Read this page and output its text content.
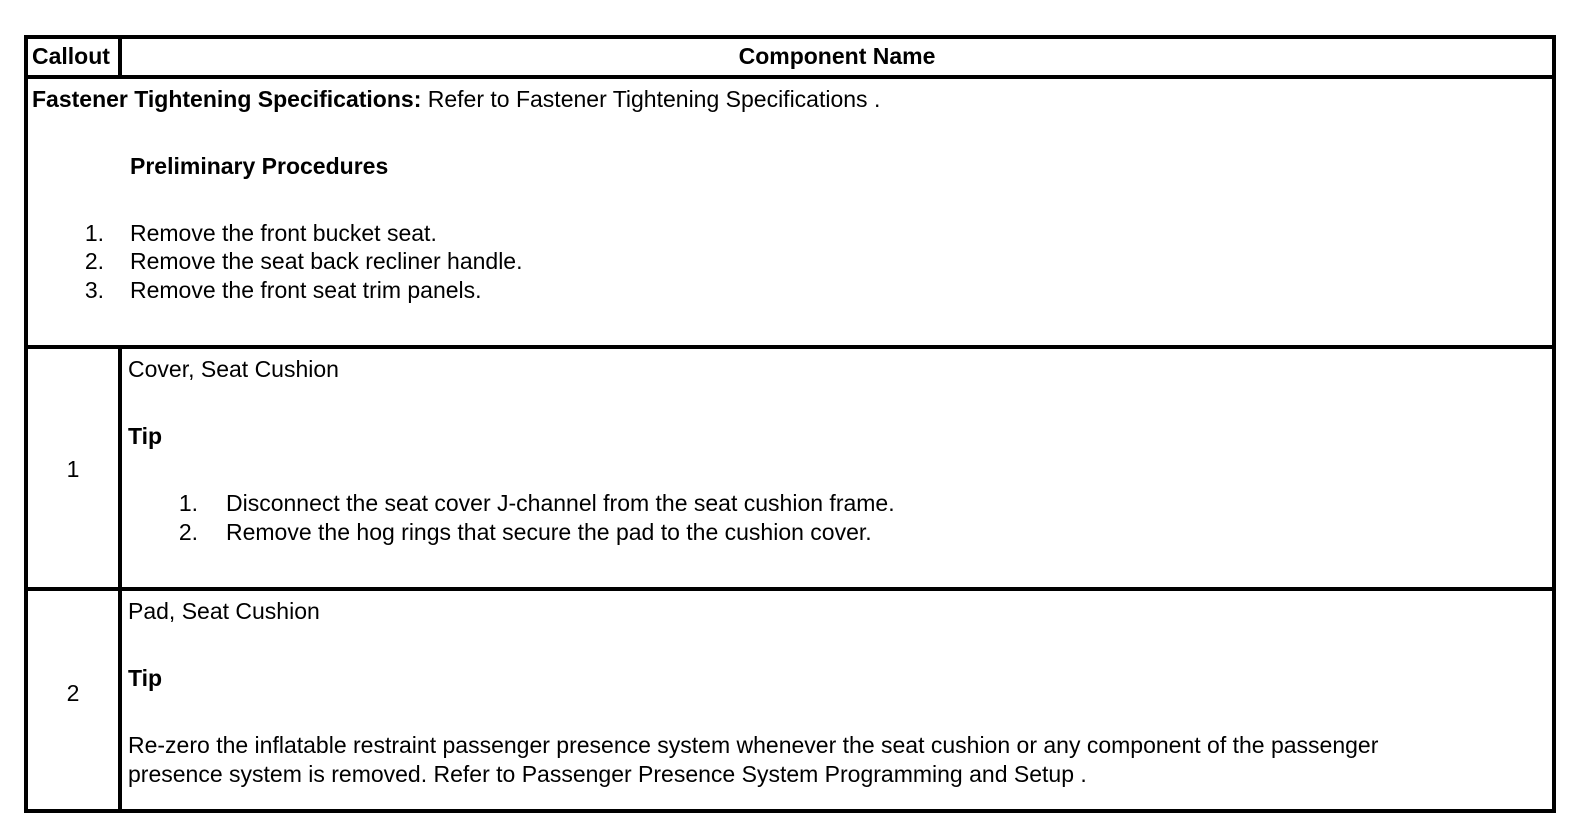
Callout	Component Name
Fastener Tightening Specifications: Refer to Fastener Tightening Specifications .
Preliminary Procedures
1. Remove the front bucket seat.
2. Remove the seat back recliner handle.
3. Remove the front seat trim panels.
1
Cover, Seat Cushion
Tip
1. Disconnect the seat cover J-channel from the seat cushion frame.
2. Remove the hog rings that secure the pad to the cushion cover.
2
Pad, Seat Cushion
Tip
Re-zero the inflatable restraint passenger presence system whenever the seat cushion or any component of the passenger
presence system is removed. Refer to Passenger Presence System Programming and Setup .
